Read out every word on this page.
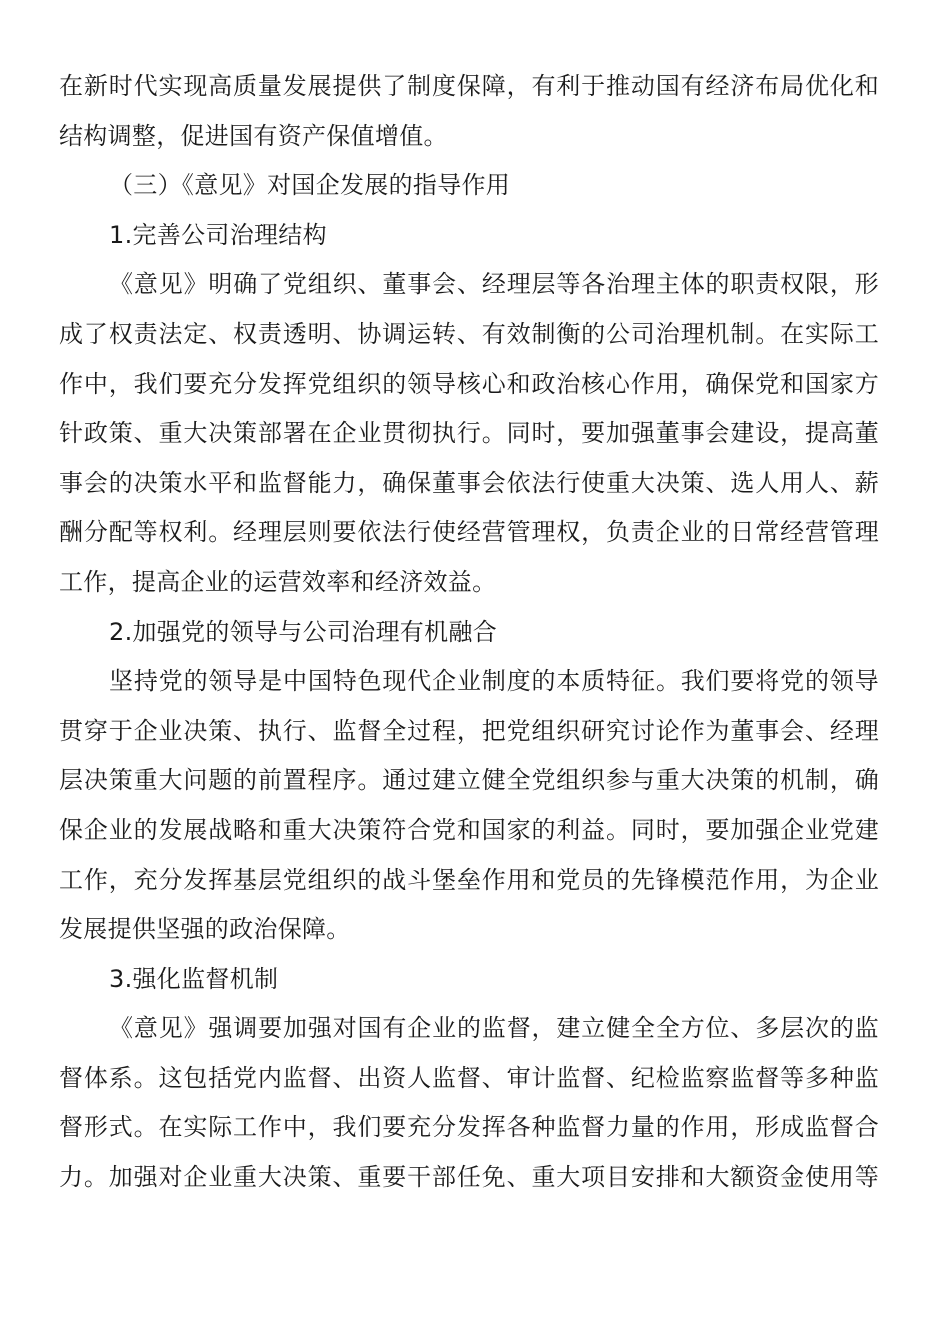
在新时代实现高质量发展提供了制度保障，有利于推动国有经济布局优化和
结构调整，促进国有资产保值增值。
（三）《意见》对国企发展的指导作用
1.完善公司治理结构
《意见》明确了党组织、董事会、经理层等各治理主体的职责权限，形
成了权责法定、权责透明、协调运转、有效制衡的公司治理机制。在实际工
作中，我们要充分发挥党组织的领导核心和政治核心作用，确保党和国家方
针政策、重大决策部署在企业贯彻执行。同时，要加强董事会建设，提高董
事会的决策水平和监督能力，确保董事会依法行使重大决策、选人用人、薪
酬分配等权利。经理层则要依法行使经营管理权，负责企业的日常经营管理
工作，提高企业的运营效率和经济效益。
2.加强党的领导与公司治理有机融合
坚持党的领导是中国特色现代企业制度的本质特征。我们要将党的领导
贯穿于企业决策、执行、监督全过程，把党组织研究讨论作为董事会、经理
层决策重大问题的前置程序。通过建立健全党组织参与重大决策的机制，确
保企业的发展战略和重大决策符合党和国家的利益。同时，要加强企业党建
工作，充分发挥基层党组织的战斗堡垒作用和党员的先锋模范作用，为企业
发展提供坚强的政治保障。
3.强化监督机制
《意见》强调要加强对国有企业的监督，建立健全全方位、多层次的监
督体系。这包括党内监督、出资人监督、审计监督、纪检监察监督等多种监
督形式。在实际工作中，我们要充分发挥各种监督力量的作用，形成监督合
力。加强对企业重大决策、重要干部任免、重大项目安排和大额资金使用等
